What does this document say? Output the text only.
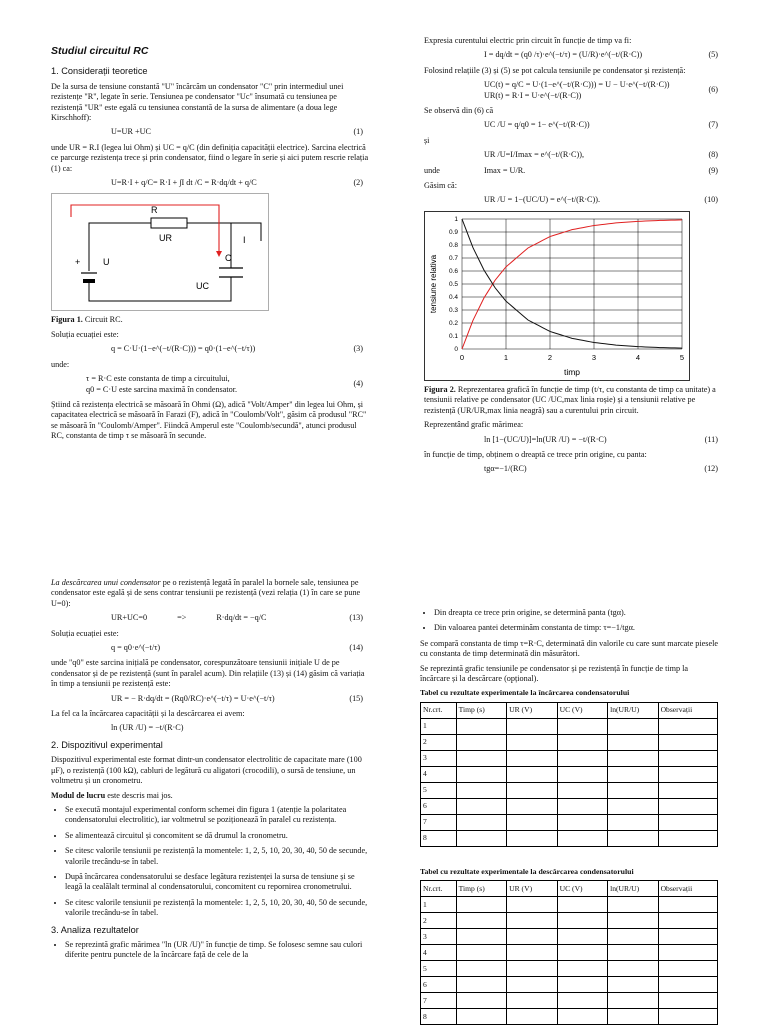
Studiul circuitul RC
1. Considerații teoretice

De la sursa de tensiune constantă "U" încărcăm un condensator "C" prin intermediul unei rezistențe "R", legate în serie. Tensiunea pe condensator "Uc" însumată cu tensiunea pe rezistență "UR" este egală cu tensiunea constantă de la sursa de alimentare (a doua lege Kirschhoff):

U=UR +UC	(1)

unde UR = R.I (legea lui Ohm) și UC = q/C (din definiția capacității electrice). Sarcina electrică ce parcurge rezistența trece și prin condensator, fiind o legare în serie și aici putem rescrie relația (1) ca:

U=R·I + q/C= R·I + ∫I dt /C = R·dq/dt + q/C	(2)
R
UR	I
+	U	C
UC

Figura 1. Circuit RC.

Soluția ecuației este:

q = C·U·(1−e^(−t/(R·C))) = q0·(1−e^(−t/τ))	(3)

unde:

τ = R·C este constanta de timp a circuitului,
q0 = C·U este sarcina maximă în condensator.
(4)

Știind că rezistența electrică se măsoară în Ohmi (Ω), adică "Volt/Amper" din legea lui Ohm, și capacitatea electrică se măsoară în Farazi (F), adică în "Coulomb/Volt", găsim că produsul "RC" se măsoară în "Coulomb/Amper". Fiindcă Amperul este "Coulomb/secundă", atunci produsul RC, constanta de timp τ se măsoară în secunde.

Expresia curentului electric prin circuit în funcție de timp va fi:

I = dq/dt = (q0 /τ)·e^(−t/τ) = (U/R)·e^(−t/(R·C))	(5)

Folosind relațiile (3) și (5) se pot calcula tensiunile pe condensator și rezistență:

UC(t) = q/C = U·(1−e^(−t/(R·C))) = U − U·e^(−t/(R·C))
UR(t) = R·I = U·e^(−t/(R·C))
(6)

Se observă din (6) că

UC /U = q/q0 = 1− e^(−t/(R·C))	(7)

și

UR /U=I/Imax = e^(−t/(R·C)),	(8)
unde	Imax = U/R.	(9)

Găsim că:

UR /U = 1−(UC/U) = e^(−t/(R·C)).	(10)
0
0.1
0.2
0.3
0.4
0.5
0.6
0.7
0.8
0.9
1
0	1	2	3	4	5
timp
tensiune relativa

Figura 2. Reprezentarea grafică în funcție de timp (t/τ, cu constanta de timp ca unitate) a tensiunii relative pe condensator (UC /UC,max linia roșie) și a tensiunii relative pe rezistență (UR/UR,max linia neagră) sau a curentului prin circuit.

Reprezentând grafic mărimea:

ln [1−(UC/U)]=ln(UR /U) = −t/(R·C)	(11)

în funcție de timp, obținem o dreaptă ce trece prin origine, cu panta:

tgα=−1/(RC)	(12)

La descărcarea unui condensator pe o rezistență legată în paralel la bornele sale, tensiunea pe condensator este egală și de sens contrar tensiunii pe rezistență (vezi relația (1) în care se pune U=0):

UR+UC=0	=>	R·dq/dt = −q/C	(13)

Soluția ecuației este:

q = q0·e^(−t/τ)	(14)

unde "q0" este sarcina inițială pe condensator, corespunzătoare tensiunii inițiale U de pe condensator și de pe rezistență (sunt în paralel acum). Din relațiile (13) și (14) găsim că variația în timp a tensiunii pe rezistență este:

UR = − R·dq/dt = (Rq0/RC)·e^(−t/τ) = U·e^(−t/τ)	(15)

La fel ca la încărcarea capacității și la descărcarea ei avem:

ln (UR /U) = −t/(R·C)
2. Dispozitivul experimental

Dispozitivul experimental este format dintr-un condensator electrolitic de capacitate mare (100 μF), o rezistență (100 kΩ), cabluri de legătură cu aligatori (crocodili), o sursă de tensiune, un voltmetru și un cronometru.

Modul de lucru este descris mai jos.

• Se execută montajul experimental conform schemei din figura 1 (atenție la polaritatea condensatorului electrolitic), iar voltmetrul se poziționează în paralel cu rezistența.
• Se alimentează circuitul și concomitent se dă drumul la cronometru.
• Se citesc valorile tensiunii pe rezistență la momentele: 1, 2, 5, 10, 20, 30, 40, 50 de secunde, valorile trecându-se în tabel.
• După încărcarea condensatorului se desface legătura rezistenței la sursa de tensiune și se leagă la cealălalt terminal al condensatorului, concomitent cu repornirea cronometrului.
• Se citesc valorile tensiunii pe rezistență la momentele: 1, 2, 5, 10, 20, 30, 40, 50 de secunde, valorile trecându-se în tabel.
3. Analiza rezultatelor
• Se reprezintă grafic mărimea "ln (UR /U)" în funcție de timp. Se folosesc semne sau culori diferite pentru punctele de la încărcare față de cele de la
• Din dreapta ce trece prin origine, se determină panta (tgα).
• Din valoarea pantei determinăm constanta de timp: τ=−1/tgα.

Se compară constanta de timp τ=R·C, determinată din valorile cu care sunt marcate piesele cu constanta de timp determinată din măsurători.

Se reprezintă grafic tensiunile pe condensator și pe rezistență în funcție de timp la încărcare și la descărcare (opțional).

Tabel cu rezultate experimentale la încărcarea condensatorului
Nr.crt.	Timp (s)	UR (V)	UC (V)	ln(UR/U)	Observații
1					
2					
3					
4					
5					
6					
7					
8					
Tabel cu rezultate experimentale la descărcarea condensatorului
Nr.crt.	Timp (s)	UR (V)	UC (V)	ln(UR/U)	Observații
1					
2					
3					
4					
5					
6					
7					
8					
